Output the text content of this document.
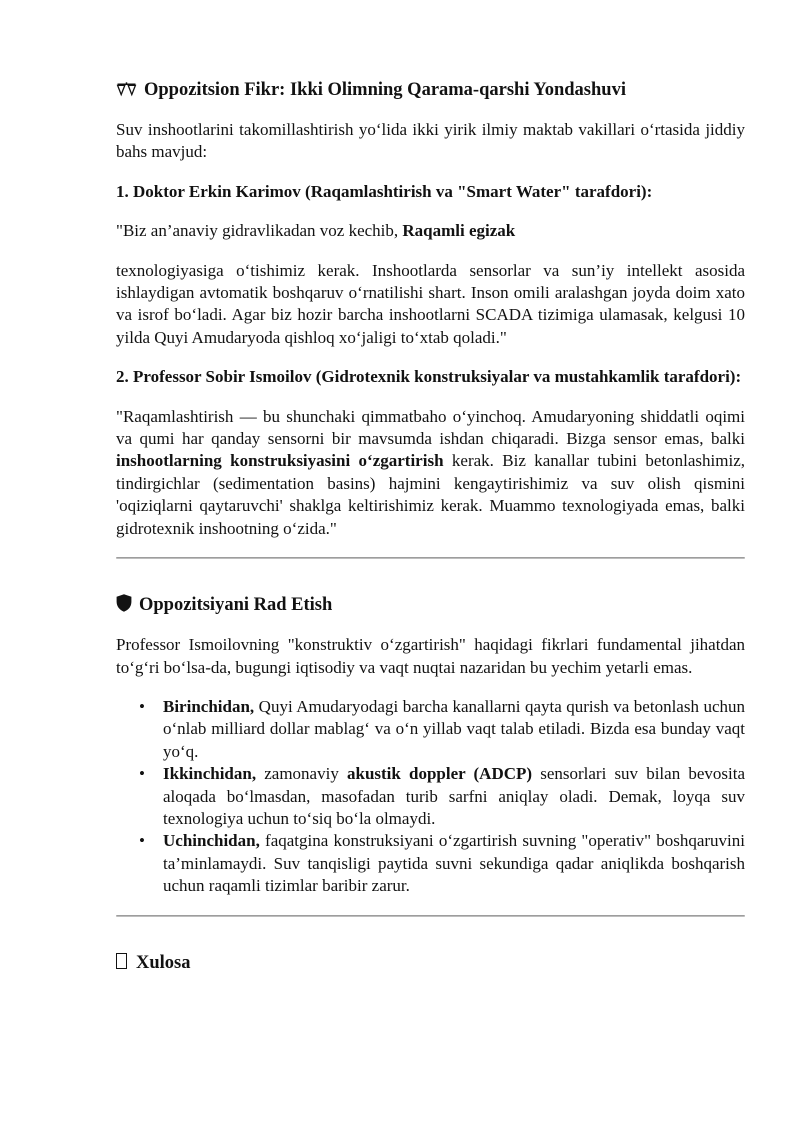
Oppozitsion Fikr: Ikki Olimning Qarama-qarshi Yondashuvi

Suv inshootlarini takomillashtirish yo‘lida ikki yirik ilmiy maktab vakillari o‘rtasida jiddiy bahs mavjud:

1. Doktor Erkin Karimov (Raqamlashtirish va "Smart Water" tarafdori):

"Biz an’anaviy gidravlikadan voz kechib, Raqamli egizak

texnologiyasiga o‘tishimiz kerak. Inshootlarda sensorlar va sun’iy intellekt asosida ishlaydigan avtomatik boshqaruv o‘rnatilishi shart. Inson omili aralashgan joyda doim xato va isrof bo‘ladi. Agar biz hozir barcha inshootlarni SCADA tizimiga ulamasak, kelgusi 10 yilda Quyi Amudaryoda qishloq xo‘jaligi to‘xtab qoladi."

2. Professor Sobir Ismoilov (Gidrotexnik konstruksiyalar va mustahkamlik tarafdori):

"Raqamlashtirish — bu shunchaki qimmatbaho o‘yinchoq. Amudaryoning shiddatli oqimi va qumi har qanday sensorni bir mavsumda ishdan chiqaradi. Bizga sensor emas, balki inshootlarning konstruksiyasini o‘zgartirish kerak. Biz kanallar tubini betonlashimiz, tindirgichlar (sedimentation basins) hajmini kengaytirishimiz va suv olish qismini 'oqiziqlarni qaytaruvchi' shaklga keltirishimiz kerak. Muammo texnologiyada emas, balki gidrotexnik inshootning o‘zida."

Oppozitsiyani Rad Etish

Professor Ismoilovning "konstruktiv o‘zgartirish" haqidagi fikrlari fundamental jihatdan to‘g‘ri bo‘lsa-da, bugungi iqtisodiy va vaqt nuqtai nazaridan bu yechim yetarli emas.

• Birinchidan, Quyi Amudaryodagi barcha kanallarni qayta qurish va betonlash uchun o‘nlab milliard dollar mablag‘ va o‘n yillab vaqt talab etiladi. Bizda esa bunday vaqt yo‘q.
• Ikkinchidan, zamonaviy akustik doppler (ADCP) sensorlari suv bilan bevosita aloqada bo‘lmasdan, masofadan turib sarfni aniqlay oladi. Demak, loyqa suv texnologiya uchun to‘siq bo‘la olmaydi.
• Uchinchidan, faqatgina konstruksiyani o‘zgartirish suvning "operativ" boshqaruvini ta’minlamaydi. Suv tanqisligi paytida suvni sekundiga qadar aniqlikda boshqarish uchun raqamli tizimlar baribir zarur.
Xulosa
